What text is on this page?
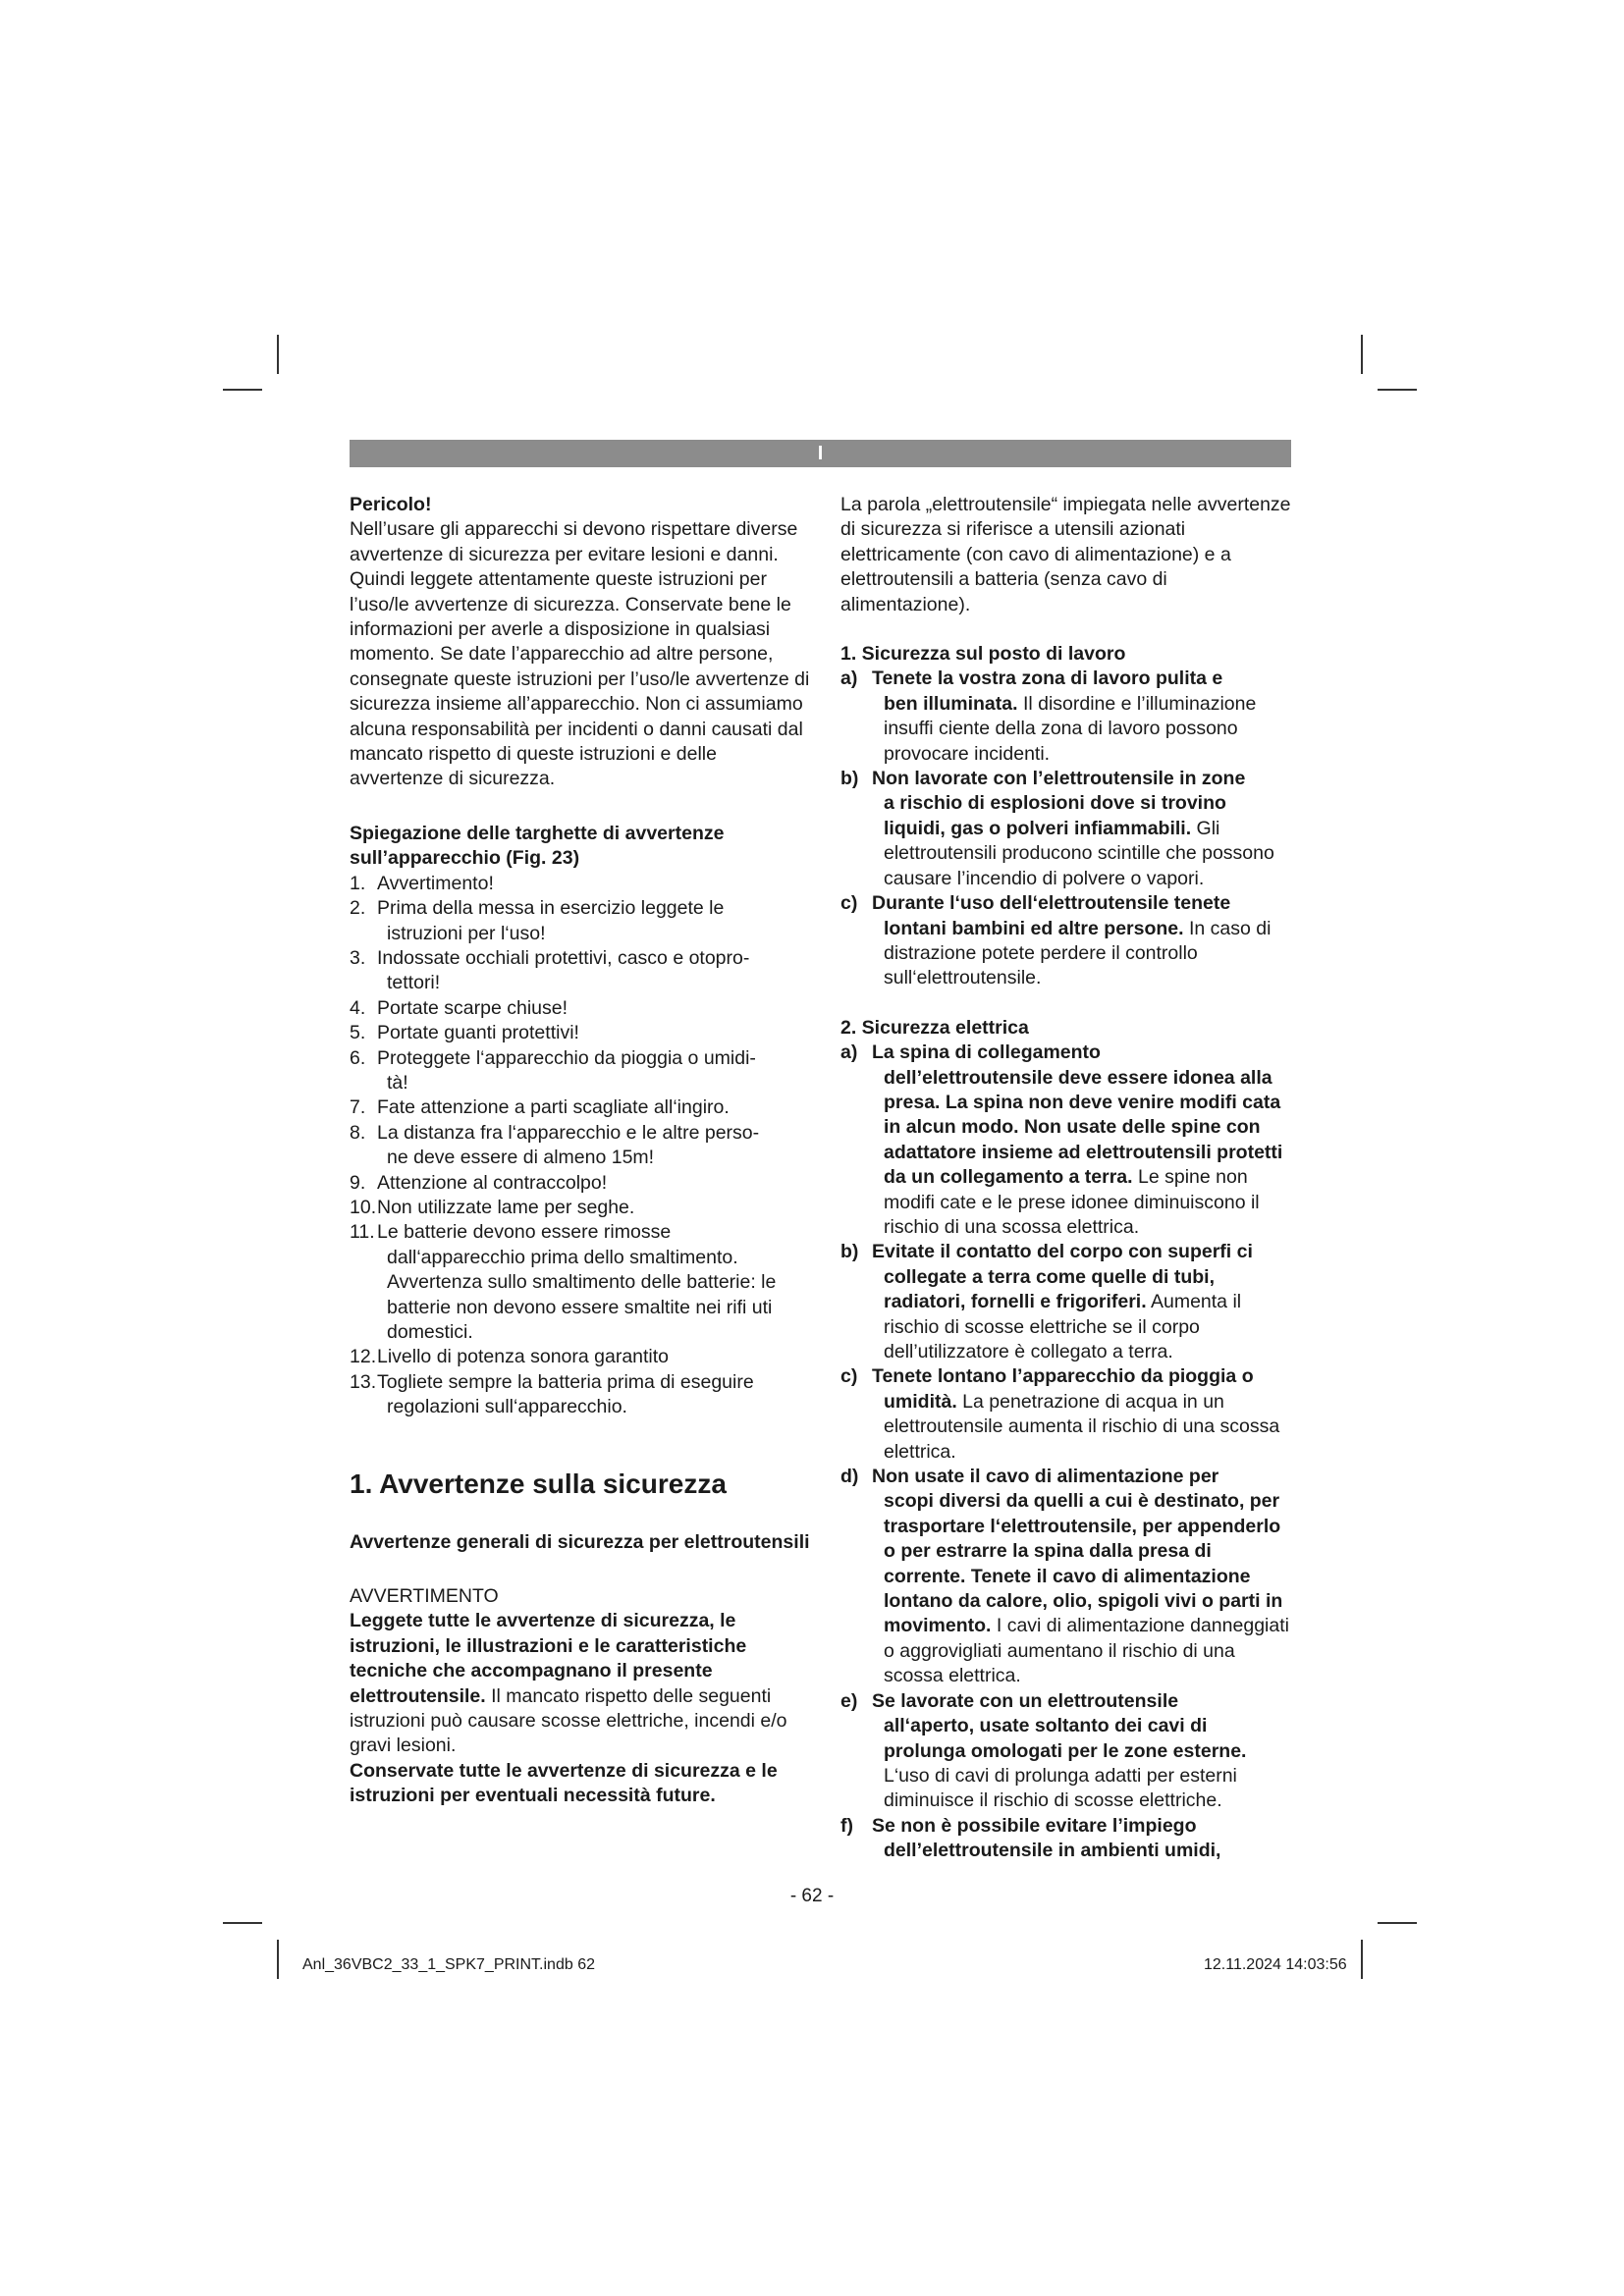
I

Pericolo!

Nell’usare gli apparecchi si devono rispettare diverse avvertenze di sicurezza per evitare lesioni e danni. Quindi leggete attentamente queste istruzioni per l’uso/le avvertenze di sicurezza. Conservate bene le informazioni per averle a disposizione in qualsiasi momento. Se date l’apparecchio ad altre persone, consegnate queste istruzioni per l’uso/le avvertenze di sicurezza insieme all’apparecchio. Non ci assumiamo alcuna responsabilità per incidenti o danni causati dal mancato rispetto di queste istruzioni e delle avvertenze di sicurezza.

Spiegazione delle targhette di avvertenze sull’apparecchio (Fig. 23)

1. Avvertimento!
2. Prima della messa in esercizio leggete le
istruzioni per l‘uso!
3. Indossate occhiali protettivi, casco e otopro-
tettori!
4. Portate scarpe chiuse!
5. Portate guanti protettivi!
6. Proteggete l‘apparecchio da pioggia o umidi-
tà!
7. Fate attenzione a parti scagliate all‘ingiro.
8. La distanza fra l‘apparecchio e le altre perso-
ne deve essere di almeno 15m!
9. Attenzione al contraccolpo!
10. Non utilizzate lame per seghe.
11. Le batterie devono essere rimosse
dall‘apparecchio prima dello smaltimento. Avvertenza sullo smaltimento delle batterie: le batterie non devono essere smaltite nei rifi uti domestici.
12. Livello di potenza sonora garantito
13. Togliete sempre la batteria prima di eseguire
regolazioni sull‘apparecchio.

1. Avvertenze sulla sicurezza

Avvertenze generali di sicurezza per elettroutensili

AVVERTIMENTO

Leggete tutte le avvertenze di sicurezza, le istruzioni, le illustrazioni e le caratteristiche tecniche che accompagnano il presente elettroutensile. Il mancato rispetto delle seguenti istruzioni può causare scosse elettriche, incendi e/o gravi lesioni.

Conservate tutte le avvertenze di sicurezza e le istruzioni per eventuali necessità future.

La parola „elettroutensile“ impiegata nelle avvertenze di sicurezza si riferisce a utensili azionati elettricamente (con cavo di alimentazione) e a elettroutensili a batteria (senza cavo di alimentazione).

1. Sicurezza sul posto di lavoro

a) Tenete la vostra zona di lavoro pulita e
ben illuminata. Il disordine e l’illuminazione insuffi ciente della zona di lavoro possono provocare incidenti.
b) Non lavorate con l’elettroutensile in zone
a rischio di esplosioni dove si trovino liquidi, gas o polveri infiammabili. Gli elettroutensili producono scintille che possono causare l’incendio di polvere o vapori.
c) Durante l‘uso dell‘elettroutensile tenete
lontani bambini ed altre persone. In caso di distrazione potete perdere il controllo sull‘elettroutensile.

2. Sicurezza elettrica

a) La spina di collegamento
dell’elettroutensile deve essere idonea alla presa. La spina non deve venire modifi cata in alcun modo. Non usate delle spine con adattatore insieme ad elettroutensili protetti da un collegamento a terra. Le spine non modifi cate e le prese idonee diminuiscono il rischio di una scossa elettrica.
b) Evitate il contatto del corpo con superfi ci
collegate a terra come quelle di tubi, radiatori, fornelli e frigoriferi. Aumenta il rischio di scosse elettriche se il corpo dell’utilizzatore è collegato a terra.
c) Tenete lontano l’apparecchio da pioggia o
umidità. La penetrazione di acqua in un elettroutensile aumenta il rischio di una scossa elettrica.
d) Non usate il cavo di alimentazione per
scopi diversi da quelli a cui è destinato, per trasportare l‘elettroutensile, per appenderlo o per estrarre la spina dalla presa di corrente. Tenete il cavo di alimentazione lontano da calore, olio, spigoli vivi o parti in movimento. I cavi di alimentazione danneggiati o aggrovigliati aumentano il rischio di una scossa elettrica.
e) Se lavorate con un elettroutensile
all‘aperto, usate soltanto dei cavi di prolunga omologati per le zone esterne. L‘uso di cavi di prolunga adatti per esterni diminuisce il rischio di scosse elettriche.
f) Se non è possibile evitare l’impiego
dell’elettroutensile in ambienti umidi,
- 62 -
Anl_36VBC2_33_1_SPK7_PRINT.indb 62	12.11.2024 14:03:56
